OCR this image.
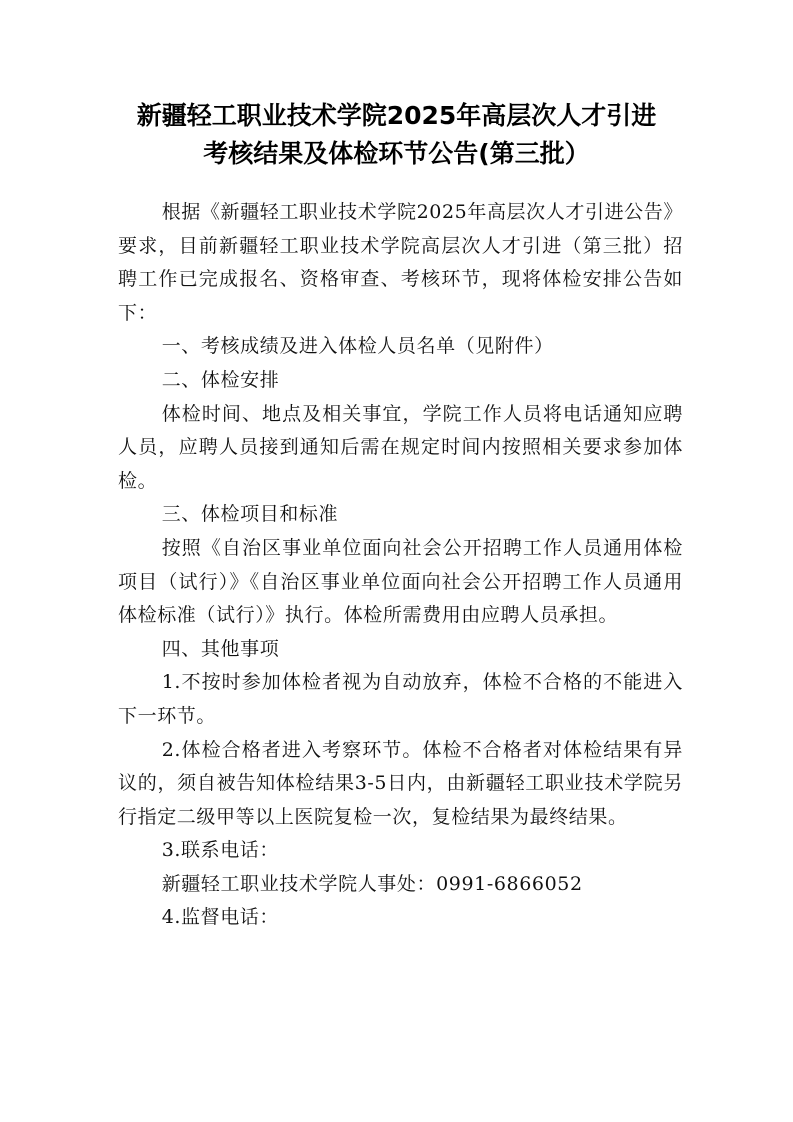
新疆轻工职业技术学院2025年高层次人才引进
考核结果及体检环节公告(第三批）

根据《新疆轻工职业技术学院2025年高层次人才引进公告》要求，目前新疆轻工职业技术学院高层次人才引进（第三批）招聘工作已完成报名、资格审查、考核环节，现将体检安排公告如下：

一、考核成绩及进入体检人员名单（见附件）

二、体检安排

体检时间、地点及相关事宜，学院工作人员将电话通知应聘人员，应聘人员接到通知后需在规定时间内按照相关要求参加体检。

三、体检项目和标准

按照《自治区事业单位面向社会公开招聘工作人员通用体检项目（试行）》《自治区事业单位面向社会公开招聘工作人员通用体检标准（试行）》执行。体检所需费用由应聘人员承担。

四、其他事项

1.不按时参加体检者视为自动放弃，体检不合格的不能进入下一环节。

2.体检合格者进入考察环节。体检不合格者对体检结果有异议的，须自被告知体检结果3-5日内，由新疆轻工职业技术学院另行指定二级甲等以上医院复检一次，复检结果为最终结果。

3.联系电话：

新疆轻工职业技术学院人事处：0991-6866052

4.监督电话：
